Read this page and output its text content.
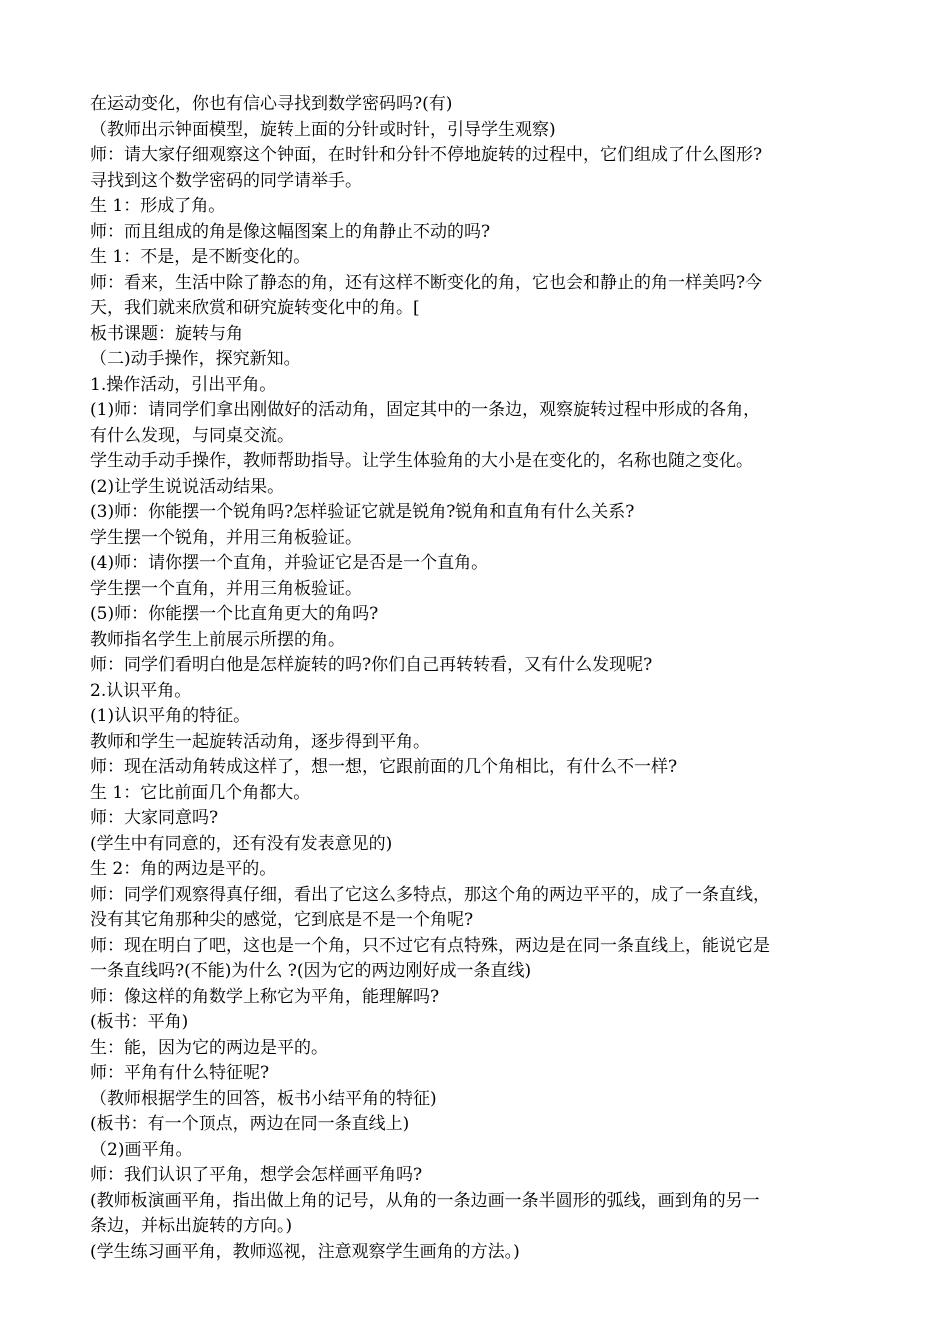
在运动变化，你也有信心寻找到数学密码吗?(有)

（教师出示钟面模型，旋转上面的分针或时针，引导学生观察)

师：请大家仔细观察这个钟面，在时针和分针不停地旋转的过程中，它们组成了什么图形?

寻找到这个数学密码的同学请举手。

生 1：形成了角。

师：而且组成的角是像这幅图案上的角静止不动的吗?

生 1：不是，是不断变化的。

师：看来，生活中除了静态的角，还有这样不断变化的角，它也会和静止的角一样美吗?今

天，我们就来欣赏和研究旋转变化中的角。[

板书课题：旋转与角

（二)动手操作，探究新知。

1.操作活动，引出平角。

(1)师：请同学们拿出刚做好的活动角，固定其中的一条边，观察旋转过程中形成的各角，

有什么发现，与同桌交流。

学生动手动手操作，教师帮助指导。让学生体验角的大小是在变化的，名称也随之变化。

(2)让学生说说活动结果。

(3)师：你能摆一个锐角吗?怎样验证它就是锐角?锐角和直角有什么关系?

学生摆一个锐角，并用三角板验证。

(4)师：请你摆一个直角，并验证它是否是一个直角。

学生摆一个直角，并用三角板验证。

(5)师：你能摆一个比直角更大的角吗?

教师指名学生上前展示所摆的角。

师：同学们看明白他是怎样旋转的吗?你们自己再转转看，又有什么发现呢?

2.认识平角。

(1)认识平角的特征。

教师和学生一起旋转活动角，逐步得到平角。

师：现在活动角转成这样了，想一想，它跟前面的几个角相比，有什么不一样?

生 1：它比前面几个角都大。

师：大家同意吗?

(学生中有同意的，还有没有发表意见的)

生 2：角的两边是平的。

师：同学们观察得真仔细，看出了它这么多特点，那这个角的两边平平的，成了一条直线，

没有其它角那种尖的感觉，它到底是不是一个角呢?

师：现在明白了吧，这也是一个角，只不过它有点特殊，两边是在同一条直线上，能说它是

一条直线吗?(不能)为什么 ?(因为它的两边刚好成一条直线)

师：像这样的角数学上称它为平角，能理解吗?

(板书：平角)

生：能，因为它的两边是平的。

师：平角有什么特征呢?

（教师根据学生的回答，板书小结平角的特征)

(板书：有一个顶点，两边在同一条直线上)

（2)画平角。

师：我们认识了平角，想学会怎样画平角吗?

(教师板演画平角，指出做上角的记号，从角的一条边画一条半圆形的弧线，画到角的另一

条边，并标出旋转的方向。)

(学生练习画平角，教师巡视，注意观察学生画角的方法。)
